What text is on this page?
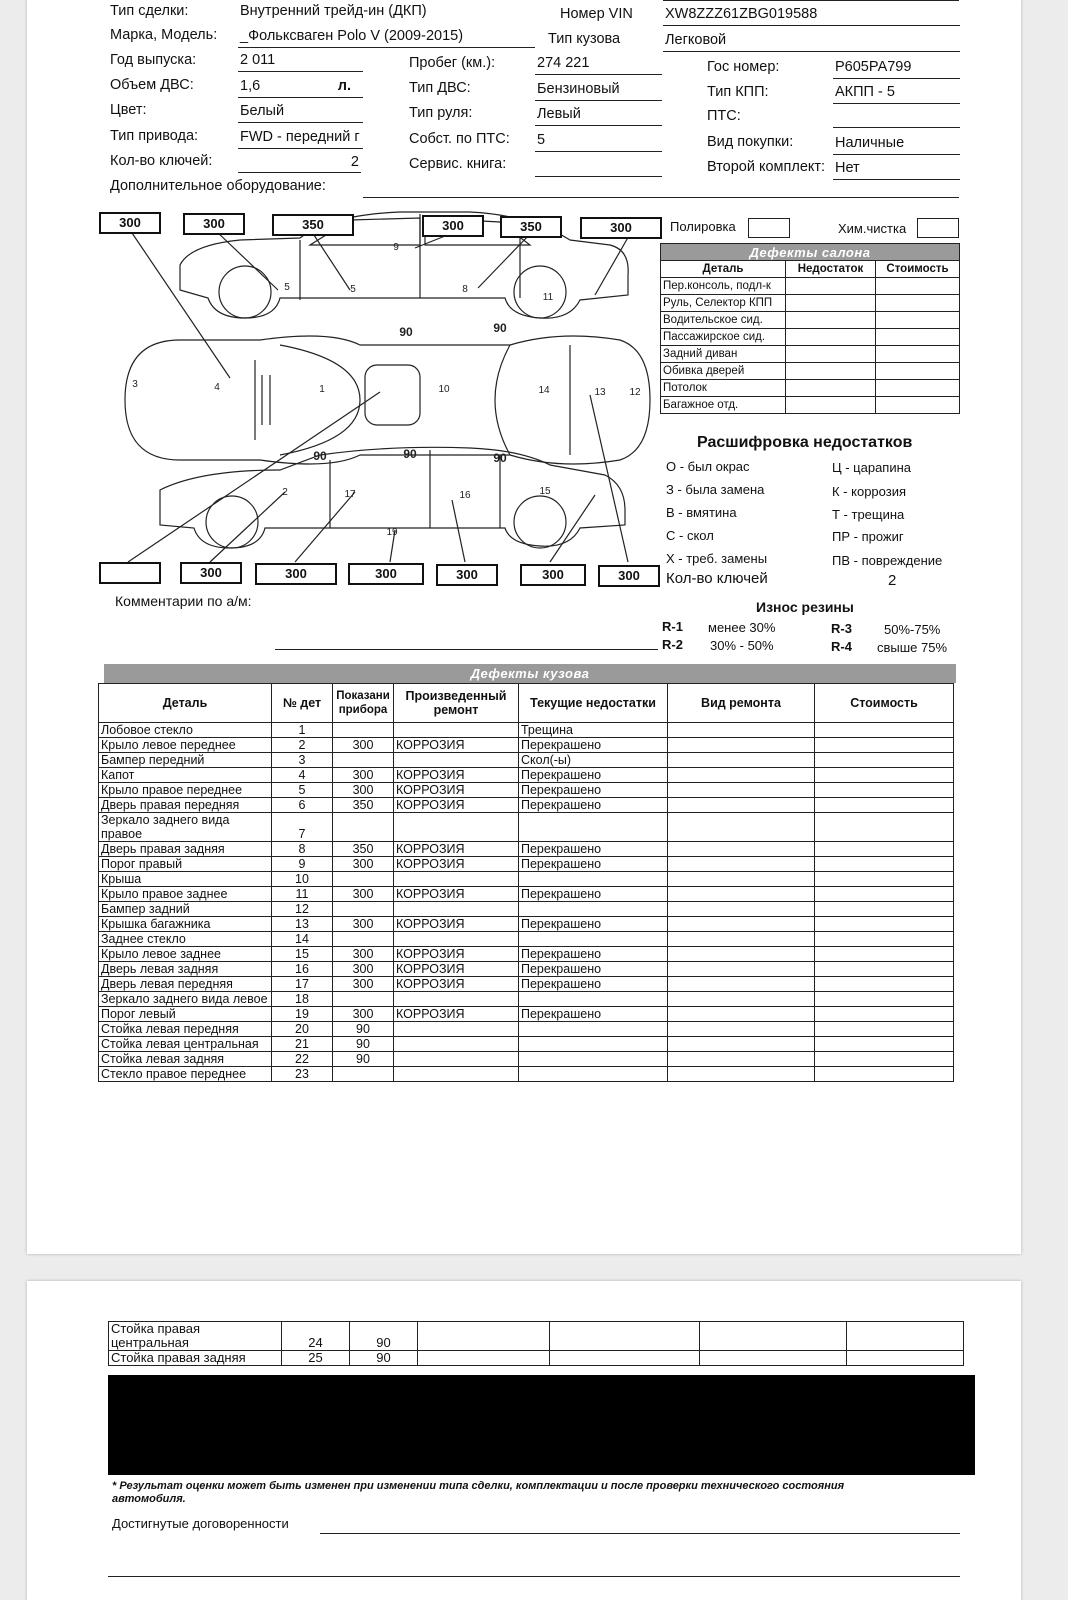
Тип сделки:	Внутренний трейд-ин (ДКП)	Номер VIN XW8ZZZ61ZBG019588
Марка, Модель: _Фольксваген Polo V (2009-2015)	Тип кузова	Легковой
Год выпуска:	2 011	Пробег (км.):	274 221	Гос номер:	Р605РА799
Объем ДВС:	1,6	л.	Тип ДВС:	Бензиновый	Тип КПП:	АКПП - 5
Цвет:	Белый	Тип руля:	Левый	ПТС:
Тип привода:	FWD - передний г	Собст. по ПТС: 5	Вид покупки:	Наличные
Кол-во ключей:	2	Сервис. книга:	Второй комплект: Нет
Дополнительное оборудование:
1
2
3	4
5	5	8
9
10
11
12
13
14
15
16
17
19
90	90
90	90	90
300	300	350	300	350	300
300	300	300	300	300	300
Полировка	Хим.чистка
Дефекты салона		
Деталь	Недостаток	Стоимость
Пер.консоль, подл-к		
Руль, Селектор КПП		
Водительское сид.		
Пассажирское сид.		
Задний диван		
Обивка дверей		
Потолок		
Багажное отд.		
Расшифровка недостатков
О - был окрас
З - была замена
В - вмятина
С - скол
Х - треб. замены
Ц - царапина
К - коррозия
Т - трещина
ПР - прожиг
ПВ - повреждение
Кол-во ключей	2
Комментарии по а/м:	Износ резины
R-1 менее 30%	R-3 50%-75%
R-2 30% - 50%	R-4 свыше 75%
Дефекты кузова
Деталь	№ дет	Показани прибора	Произведенный ремонт	Текущие недостатки	Вид ремонта	Стоимость
Лобовое стекло	1			Трещина		
Крыло левое переднее	2	300	КОРРОЗИЯ	Перекрашено		
Бампер передний	3			Скол(-ы)		
Капот	4	300	КОРРОЗИЯ	Перекрашено		
Крыло правое переднее	5	300	КОРРОЗИЯ	Перекрашено		
Дверь правая передняя	6	350	КОРРОЗИЯ	Перекрашено		
Зеркало заднего вида правое	7					
Дверь правая задняя	8	350	КОРРОЗИЯ	Перекрашено		
Порог правый	9	300	КОРРОЗИЯ	Перекрашено		
Крыша	10					
Крыло правое заднее	11	300	КОРРОЗИЯ	Перекрашено		
Бампер задний	12					
Крышка багажника	13	300	КОРРОЗИЯ	Перекрашено		
Заднее стекло	14					
Крыло левое заднее	15	300	КОРРОЗИЯ	Перекрашено		
Дверь левая задняя	16	300	КОРРОЗИЯ	Перекрашено		
Дверь левая передняя	17	300	КОРРОЗИЯ	Перекрашено		
Зеркало заднего вида левое	18					
Порог левый	19	300	КОРРОЗИЯ	Перекрашено		
Стойка левая передняя	20	90				
Стойка левая центральная	21	90				
Стойка левая задняя	22	90				
Стекло правое переднее	23					
Стойка правая центральная	24	90				
Стойка правая задняя	25	90				
* Результат оценки может быть изменен при изменении типа сделки, комплектации и после проверки технического состояния автомобиля.
Достигнутые договоренности
